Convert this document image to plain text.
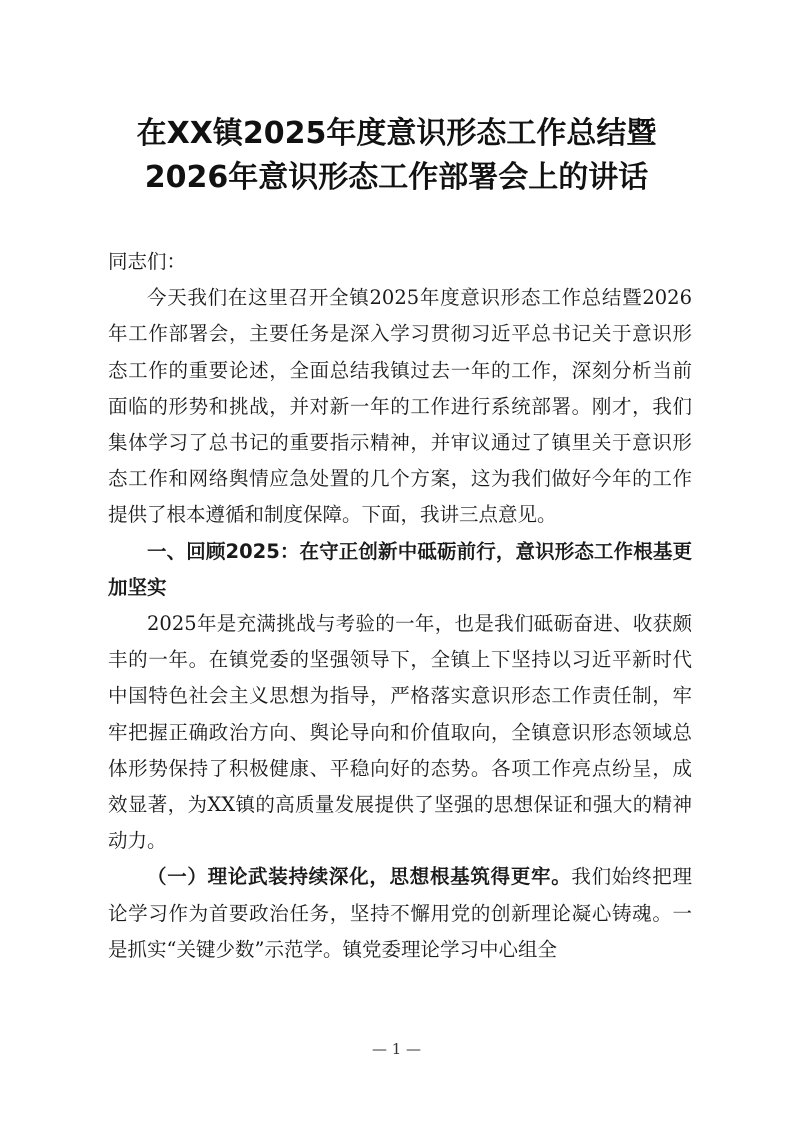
在XX镇2025年度意识形态工作总结暨
2026年意识形态工作部署会上的讲话

同志们：

今天我们在这里召开全镇2025年度意识形态工作总结暨2026年工作部署会，主要任务是深入学习贯彻习近平总书记关于意识形态工作的重要论述，全面总结我镇过去一年的工作，深刻分析当前面临的形势和挑战，并对新一年的工作进行系统部署。刚才，我们集体学习了总书记的重要指示精神，并审议通过了镇里关于意识形态工作和网络舆情应急处置的几个方案，这为我们做好今年的工作提供了根本遵循和制度保障。下面，我讲三点意见。

一、回顾2025：在守正创新中砥砺前行，意识形态工作根基更加坚实

2025年是充满挑战与考验的一年，也是我们砥砺奋进、收获颇丰的一年。在镇党委的坚强领导下，全镇上下坚持以习近平新时代中国特色社会主义思想为指导，严格落实意识形态工作责任制，牢牢把握正确政治方向、舆论导向和价值取向，全镇意识形态领域总体形势保持了积极健康、平稳向好的态势。各项工作亮点纷呈，成效显著，为XX镇的高质量发展提供了坚强的思想保证和强大的精神动力。

（一）理论武装持续深化，思想根基筑得更牢。我们始终把理论学习作为首要政治任务，坚持不懈用党的创新理论凝心铸魂。一是抓实“关键少数”示范学。镇党委理论学习中心组全

— 1 —
